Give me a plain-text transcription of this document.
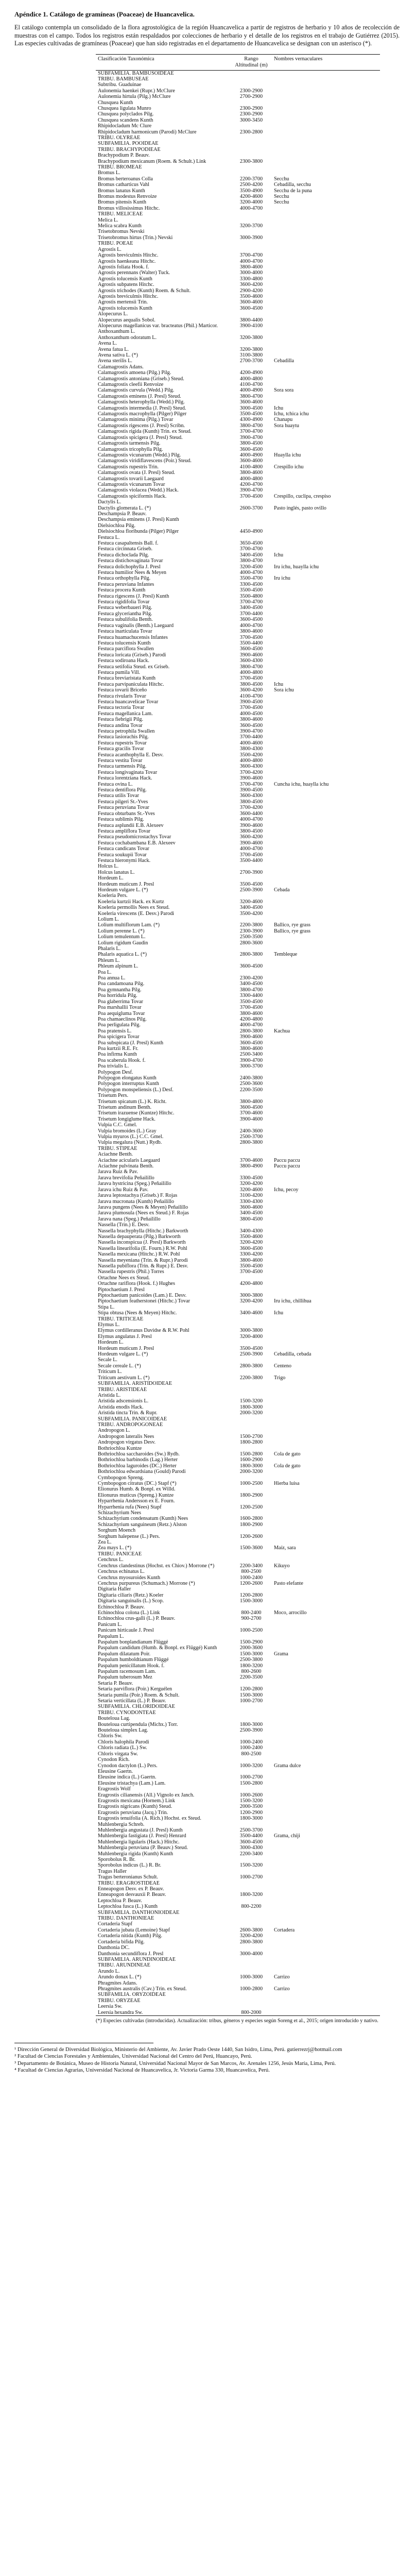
Apéndice 1. Catálogo de gramíneas (Poaceae) de Huancavelica.

El catálogo contempla un consolidado de la flora agrostológica de la región Huancavelica a partir de registros de herbario y 10 años de recolección de muestras con el campo. Todos los registros están respaldados por colecciones de herbario y el detalle de los registros en el trabajo de Gutiérrez (2015). Las especies cultivadas de gramíneas (Poaceae) que han sido registradas en el departamento de Huancavelica se designan con un asterisco (*).

Clasificación Taxonómica	Rango Altitudinal (m)	Nombres vernaculares
SUBFAMILIA. BAMBUSOIDEAE		
TRIBU. BAMBUSEAE		
Subtribu. Guaduinae		
Aulonemia haenkei (Rupr.) McClure	2300-2900	
Aulonemia hirtula (Pilg.) McClure	2700-2900	
Chusquea Kunth		
Chusquea ligulata Munro	2300-2900	
Chusquea polyclados Pilg.	2300-2900	
Chusquea scandens Kunth	3000-3450	
Rhipidocladum Mc Clure		
Rhipidocladum harmonicum (Parodi) McClure	2300-2800	
TRIBU. OLYREAE		
SUBFAMILIA. POOIDEAE		
TRIBU. BRACHYPODIEAE		
Brachypodium P. Beauv.		
Brachypodium mexicanum (Roem. & Schult.) Link	2300-3800	
TRIBU. BROMEAE		
Bromus L.		
Bromus berteroanus Colla	2200-3700	Secchu
Bromus catharticus Vahl	2500-4200	Cebadilla, secchu
Bromus lanatus Kunth	3500-4900	Secchu de la puna
Bromus modestus Renvoize	4200-4600	Secchu
Bromus pitensis Kunth	3200-4000	Secchu
Bromus villosissimus Hitchc.	4000-4700	
TRIBU. MELICEAE		
Melica L.		
Melica scabra Kunth	3200-3700	
Trisetobromus Nevski		
Trisetobromus hirtus (Trin.) Nevski	3000-3900	
TRIBU. POEAE		
Agrostis L.		
Agrostis breviculmis Hitchc.	3700-4700	
Agrostis haenkeana Hitchc.	4000-4700	
Agrostis foliata Hook. f.	3800-4600	
Agrostis perennans (Walter) Tuck.	3000-4000	
Agrostis tolucensis Kunth	3300-4800	
Agrostis subpatens Hitchc.	3600-4200	
Agrostis trichodes (Kunth) Roem. & Schult.	2900-4200	
Agrostis breviculmis Hitchc.	3500-4600	
Agrostis mertensii Trin.	3600-4600	
Agrostis tolucensis Kunth	3600-4500	
Alopecurus L.		
Alopecurus aequalis Sobol.	3800-4400	
Alopecurus magellanicus var. bracteatus (Phil.) Marticor.	3900-4100	
Anthoxanthum L.		
Anthoxanthum odoratum L.	3200-3800	
Avena L.		
Avena fatua L.	3200-3800	
Avena sativa L. (*)	3100-3800	
Avena sterilis L.	2700-3700	Cebadilla
Calamagrostis Adans.		
Calamagrostis amoena (Pilg.) Pilg.	4200-4900	
Calamagrostis antoniana (Griseb.) Steud.	4000-4800	
Calamagrostis cleefii Renvoize	4100-4700	
Calamagrostis curvula (Wedd.) Pilg.	4000-4900	Sora sora
Calamagrostis eminens (J. Presl) Steud.	3800-4700	
Calamagrostis heterophylla (Wedd.) Pilg.	3600-4600	
Calamagrostis intermedia (J. Presl) Steud.	3000-4500	Ichu
Calamagrostis macrophylla (Pilger) Pilger	3500-4500	Ichu, tchica ichu
Calamagrostis minima (Pilg.) Tovar	4300-4900	Chanapu
Calamagrostis rigescens (J. Presl) Scribn.	3800-4700	Sora huaytu
Calamagrostis rigida (Kunth) Trin. ex Steud.	3700-4700	
Calamagrostis spicigera (J. Presl) Steud.	3900-4700	
Calamagrostis tarmensis Pilg.	3800-4500	
Calamagrostis tricophylla Pilg.	3600-4500	
Calamagrostis vicunarum (Wedd.) Pilg.	4000-4900	Huaylla ichu
Calamagrostis viridiflavescens (Poir.) Steud.	3600-4600	
Calamagrostis rupestris Trin.	4100-4800	Crespillo ichu
Calamagrostis ovata (J. Presl) Steud.	3800-4600	
Calamagrostis tovarii Laegaard	4000-4800	
Calamagrostis vicunarum Tovar	4200-4700	
Calamagrostis violacea (Wedd.) Hack.	3900-4700	
Calamagrostis spiciformis Hack.	3700-4500	Crespillo, cuclipa, crespiso
Dactylis L.		
Dactylis glomerata L. (*)	2600-3700	Pasto inglés, pasto ovillo
Deschampsia P. Beauv.		
Deschampsia eminens (J. Presl) Kunth		
Dielsiochloa Pilg.		
Dielsiochloa floribunda (Pilger) Pilger	4450-4900	
Festuca L.		
Festuca casapaltensis Ball. f.	3650-4500	
Festuca circinnata Griseb.	3700-4700	
Festuca dichoclada Pilg.	3400-4500	Ichu
Festuca distichovaginata Tovar	3800-4700	
Festuca dolichophylla J. Presl	3200-4500	Iru ichu, huaylla ichu
Festuca humilior Nees & Meyen	4000-4700	
Festuca orthophylla Pilg.	3500-4700	Iru ichu
Festuca peruviana Infantes	3300-4500	
Festuca procera Kunth	3500-4500	
Festuca rigescens (J. Presl) Kunth	3500-4800	
Festuca rigidifolia Tovar	3700-4700	
Festuca weberbaueri Pilg.	3400-4500	
Festuca glyceriantha Pilg.	3700-4400	
Festuca subulifolia Benth.	3600-4500	
Festuca vaginalis (Benth.) Laegaard	4000-4700	
Festuca inarticulata Tovar	3800-4600	
Festuca huamachucensis Infantes	3700-4500	
Festuca tolucensis Kunth	3500-4400	
Festuca parciflora Swallen	3600-4500	
Festuca loricata (Griseb.) Parodi	3900-4600	
Festuca sodiroana Hack.	3600-4300	
Festuca setifolia Steud. ex Griseb.	3800-4700	
Festuca pumila Vill.	4000-4800	
Festuca breviaristata Kunth	3700-4500	
Festuca parvipaniculata Hitchc.	3800-4500	Ichu
Festuca tovarii Briceño	3600-4200	Sora ichu
Festuca rivularis Tovar	4100-4700	
Festuca huancavelicae Tovar	3900-4500	
Festuca tectoria Tovar	3700-4500	
Festuca magellanica Lam.	4000-4500	
Festuca fiebrigii Pilg.	3800-4600	
Festuca andina Tovar	3600-4500	
Festuca petrophila Swallen	3900-4700	
Festuca lasiorachis Pilg.	3700-4400	
Festuca rupestris Tovar	4000-4600	
Festuca gracilis Tovar	3800-4300	
Festuca acanthophylla E. Desv.	3500-4200	
Festuca vestita Tovar	4000-4800	
Festuca tarmensis Pilg.	3600-4300	
Festuca longivaginata Tovar	3700-4200	
Festuca lorentziana Hack.	3900-4600	
Festuca ovina L.	3700-4700	Cuncha ichu, huaylla ichu
Festuca dentiflora Pilg.	3900-4500	
Festuca utilis Tovar	3600-4300	
Festuca pilgeri St.-Yves	3800-4500	
Festuca peruviana Tovar	3700-4200	
Festuca obturbans St.-Yves	3600-4400	
Festuca sublimis Pilg.	4000-4700	
Festuca asplundii E.B. Alexeev	3900-4600	
Festuca ampliflora Tovar	3800-4500	
Festuca pseudomicrostachys Tovar	3600-4200	
Festuca cochabambana E.B. Alexeev	3900-4600	
Festuca candicans Tovar	4000-4700	
Festuca soukupii Tovar	3700-4500	
Festuca hieronymi Hack.	3500-4400	
Holcus L.		
Holcus lanatus L.	2700-3900	
Hordeum L.		
Hordeum muticum J. Presl	3500-4500	
Hordeum vulgare L. (*)	2500-3900	Cebada
Koeleria Pers.		
Koeleria kurtzii Hack. ex Kurtz	3200-4600	
Koeleria permollis Nees ex Steud.	3400-4500	
Koeleria virescens (E. Desv.) Parodi	3500-4200	
Lolium L.		
Lolium multiflorum Lam. (*)	2200-3800	Ballico, rye grass
Lolium perenne L. (*)	2300-3900	Ballico, rye grass
Lolium temulentum L.	2500-3500	
Lolium rigidum Gaudin	2800-3600	
Phalaris L.		
Phalaris aquatica L. (*)	2800-3800	Tembleque
Phleum L.		
Phleum alpinum L.	3600-4500	
Poa L.		
Poa annua L.	2300-4200	
Poa candamoana Pilg.	3400-4500	
Poa gymnantha Pilg.	3800-4700	
Poa horridula Pilg.	3300-4400	
Poa glaberrima Tovar	3500-4500	
Poa marshallii Tovar	3700-4500	
Poa aequigluma Tovar	3800-4600	
Poa chamaeclinos Pilg.	4200-4800	
Poa perligulata Pilg.	4000-4700	
Poa pratensis L.	2800-3800	Kachua
Poa spicigera Tovar	3900-4600	
Poa subspicata (J. Presl) Kunth	3600-4500	
Poa kurtzii R.E. Fr.	3800-4600	
Poa infirma Kunth	2500-3400	
Poa scaberula Hook. f.	3900-4700	
Poa trivialis L.	3000-3700	
Polypogon Desf.		
Polypogon elongatus Kunth	2400-3800	
Polypogon interruptus Kunth	2500-3600	
Polypogon monspeliensis (L.) Desf.	2200-3500	
Trisetum Pers.		
Trisetum spicatum (L.) K. Richt.	3800-4800	
Trisetum andinum Benth.	3600-4500	
Trisetum irazuense (Kuntze) Hitchc.	3700-4600	
Trisetum longiglume Hack.	3900-4600	
Vulpia C.C. Gmel.		
Vulpia bromoides (L.) Gray	2400-3600	
Vulpia myuros (L.) C.C. Gmel.	2500-3700	
Vulpia megalura (Nutt.) Rydb.	2800-3800	
TRIBU. STIPEAE		
Aciachne Benth.		
Aciachne acicularis Laegaard	3700-4600	Paccu paccu
Aciachne pulvinata Benth.	3800-4900	Paccu paccu
Jarava Ruiz & Pav.		
Jarava brevifolia Peñailillo	3300-4500	
Jarava hystricina (Speg.) Peñailillo	3200-4200	
Jarava ichu Ruiz & Pav.	3200-4600	Ichu, pecoy
Jarava leptostachya (Griseb.) F. Rojas	3100-4200	
Jarava mucronata (Kunth) Peñailillo	3300-4300	
Jarava pungens (Nees & Meyen) Peñailillo	3600-4600	
Jarava plumosula (Nees ex Steud.) F. Rojas	3400-4500	
Jarava nana (Speg.) Peñailillo	3800-4500	
Nassella (Trin.) E. Desv.		
Nassella brachyphylla (Hitchc.) Barkworth	3400-4300	
Nassella depauperata (Pilg.) Barkworth	3500-4600	
Nassella inconspicua (J. Presl) Barkworth	3200-4200	
Nassella linearifolia (E. Fourn.) R.W. Pohl	3600-4500	
Nassella mexicana (Hitchc.) R.W. Pohl	3300-4200	
Nassella meyeniana (Trin. & Rupr.) Parodi	3800-4600	
Nassella pubiflora (Trin. & Rupr.) E. Desv.	3500-4500	
Nassella rupestris (Phil.) Torres	3700-4500	
Ortachne Nees ex Steud.		
Ortachne rariflora (Hook. f.) Hughes	4200-4800	
Piptochaetium J. Presl		
Piptochaetium panicoides (Lam.) E. Desv.	3000-3800	
Piptochaetium featherstonei (Hitchc.) Tovar	3200-4200	Iru ichu, chillihua
Stipa L.		
Stipa obtusa (Nees & Meyen) Hitchc.	3400-4600	Ichu
TRIBU. TRITICEAE		
Elymus L.		
Elymus cordilleranus Davidse & R.W. Pohl	3000-3800	
Elymus angulatus J. Presl	3200-4000	
Hordeum L.		
Hordeum muticum J. Presl	3500-4500	
Hordeum vulgare L. (*)	2500-3900	Cebadilla, cebada
Secale L.		
Secale cereale L. (*)	2800-3800	Centeno
Triticum L.		
Triticum aestivum L. (*)	2200-3800	Trigo
SUBFAMILIA. ARISTIDOIDEAE		
TRIBU. ARISTIDEAE		
Aristida L.		
Aristida adscensionis L.	1500-3200	
Aristida enodis Hack.	1800-3000	
Aristida tincta Trin. & Rupr.	2000-3200	
SUBFAMILIA. PANICOIDEAE		
TRIBU. ANDROPOGONEAE		
Andropogon L.		
Andropogon lateralis Nees	1500-2700	
Andropogon virgatus Desv.	1800-2800	
Bothriochloa Kuntze		
Bothriochloa saccharoides (Sw.) Rydb.	1500-2800	Cola de gato
Bothriochloa barbinodis (Lag.) Herter	1600-2900	
Bothriochloa laguroides (DC.) Herter	1800-3000	Cola de gato
Bothriochloa edwardsiana (Gould) Parodi	2000-3200	
Cymbopogon Spreng.		
Cymbopogon citratus (DC.) Stapf (*)	1000-2500	Hierba luisa
Elionurus Humb. & Bonpl. ex Willd.		
Elionurus muticus (Spreng.) Kuntze	1800-2900	
Hyparrhenia Andersson ex E. Fourn.		
Hyparrhenia rufa (Nees) Stapf	1200-2500	
Schizachyrium Nees		
Schizachyrium condensatum (Kunth) Nees	1600-2800	
Schizachyrium sanguineum (Retz.) Alston	1800-2900	
Sorghum Moench		
Sorghum halepense (L.) Pers.	1200-2600	
Zea L.		
Zea mays L. (*)	1500-3600	Maíz, sara
TRIBU. PANICEAE		
Cenchrus L.		
Cenchrus clandestinus (Hochst. ex Chiov.) Morrone (*)	2200-3400	Kikuyo
Cenchrus echinatus L.	800-2500	
Cenchrus myosuroides Kunth	1000-2400	
Cenchrus purpureus (Schumach.) Morrone (*)	1200-2600	Pasto elefante
Digitaria Haller		
Digitaria ciliaris (Retz.) Koeler	1200-2800	
Digitaria sanguinalis (L.) Scop.	1500-3000	
Echinochloa P. Beauv.		
Echinochloa colona (L.) Link	800-2400	Moco, arrocillo
Echinochloa crus-galli (L.) P. Beauv.	900-2700	
Panicum L.		
Panicum hirticaule J. Presl	1000-2500	
Paspalum L.		
Paspalum bonplandianum Flüggé	1500-2900	
Paspalum candidum (Humb. & Bonpl. ex Flüggé) Kunth	2000-3600	
Paspalum dilatatum Poir.	1500-3000	Grama
Paspalum humboldtianum Flüggé	2500-3800	
Paspalum penicillatum Hook. f.	1800-3200	
Paspalum racemosum Lam.	800-2600	
Paspalum tuberosum Mez	2200-3500	
Setaria P. Beauv.		
Setaria parviflora (Poir.) Kerguélen	1200-2800	
Setaria pumila (Poir.) Roem. & Schult.	1500-3000	
Setaria verticillata (L.) P. Beauv.	1000-2700	
SUBFAMILIA. CHLORIDOIDEAE		
TRIBU. CYNODONTEAE		
Bouteloua Lag.		
Bouteloua curtipendula (Michx.) Torr.	1800-3000	
Bouteloua simplex Lag.	2500-3900	
Chloris Sw.		
Chloris halophila Parodi	1000-2400	
Chloris radiata (L.) Sw.	1000-2400	
Chloris virgata Sw.	800-2500	
Cynodon Rich.		
Cynodon dactylon (L.) Pers.	1000-3200	Grama dulce
Eleusine Gaertn.		
Eleusine indica (L.) Gaertn.	1000-2700	
Eleusine tristachya (Lam.) Lam.	1500-2800	
Eragrostis Wolf		
Eragrostis cilianensis (All.) Vignolo ex Janch.	1000-2600	
Eragrostis mexicana (Hornem.) Link	1500-3200	
Eragrostis nigricans (Kunth) Steud.	2000-3500	
Eragrostis peruviana (Jacq.) Trin.	1200-2900	
Eragrostis tenuifolia (A. Rich.) Hochst. ex Steud.	1800-3000	
Muhlenbergia Schreb.		
Muhlenbergia angustata (J. Presl) Kunth	2500-3700	
Muhlenbergia fastigiata (J. Presl) Henrard	3500-4400	Grama, chiji
Muhlenbergia ligularis (Hack.) Hitchc.	3600-4500	
Muhlenbergia peruviana (P. Beauv.) Steud.	3000-4300	
Muhlenbergia rigida (Kunth) Kunth	2200-3400	
Sporobolus R. Br.		
Sporobolus indicus (L.) R. Br.	1500-3200	
Tragus Haller		
Tragus berteronianus Schult.	1000-2700	
TRIBU. ERAGROSTIDEAE		
Enneapogon Desv. ex P. Beauv.		
Enneapogon desvauxii P. Beauv.	1800-3200	
Leptochloa P. Beauv.		
Leptochloa fusca (L.) Kunth	800-2200	
SUBFAMILIA. DANTHONIOIDEAE		
TRIBU. DANTHONIEAE		
Cortaderia Stapf		
Cortaderia jubata (Lemoine) Stapf	2600-3800	Cortadera
Cortaderia nitida (Kunth) Pilg.	3200-4200	
Cortaderia bifida Pilg.	2800-3800	
Danthonia DC.		
Danthonia secundiflora J. Presl	3000-4000	
SUBFAMILIA. ARUNDINOIDEAE		
TRIBU. ARUNDINEAE		
Arundo L.		
Arundo donax L. (*)	1000-3000	Carrizo
Phragmites Adans.		
Phragmites australis (Cav.) Trin. ex Steud.	1000-2800	Carrizo
SUBFAMILIA. ORYZOIDEAE		
TRIBU. ORYZEAE		
Leersia Sw.		
Leersia hexandra Sw.	800-2000	

(*) Especies cultivadas (introducidas). Actualización: tribus, géneros y especies según Soreng et al., 2015; origen introducido y nativo.

¹ Dirección General de Diversidad Biológica, Ministerio del Ambiente, Av. Javier Prado Oeste 1440, San Isidro, Lima, Perú. gutierrezrj@hotmail.com

² Facultad de Ciencias Forestales y Ambientales, Universidad Nacional del Centro del Perú, Huancayo, Perú.

³ Departamento de Botánica, Museo de Historia Natural, Universidad Nacional Mayor de San Marcos, Av. Arenales 1256, Jesús María, Lima, Perú.

⁴ Facultad de Ciencias Agrarias, Universidad Nacional de Huancavelica, Jr. Victoria Garma 330, Huancavelica, Perú.
